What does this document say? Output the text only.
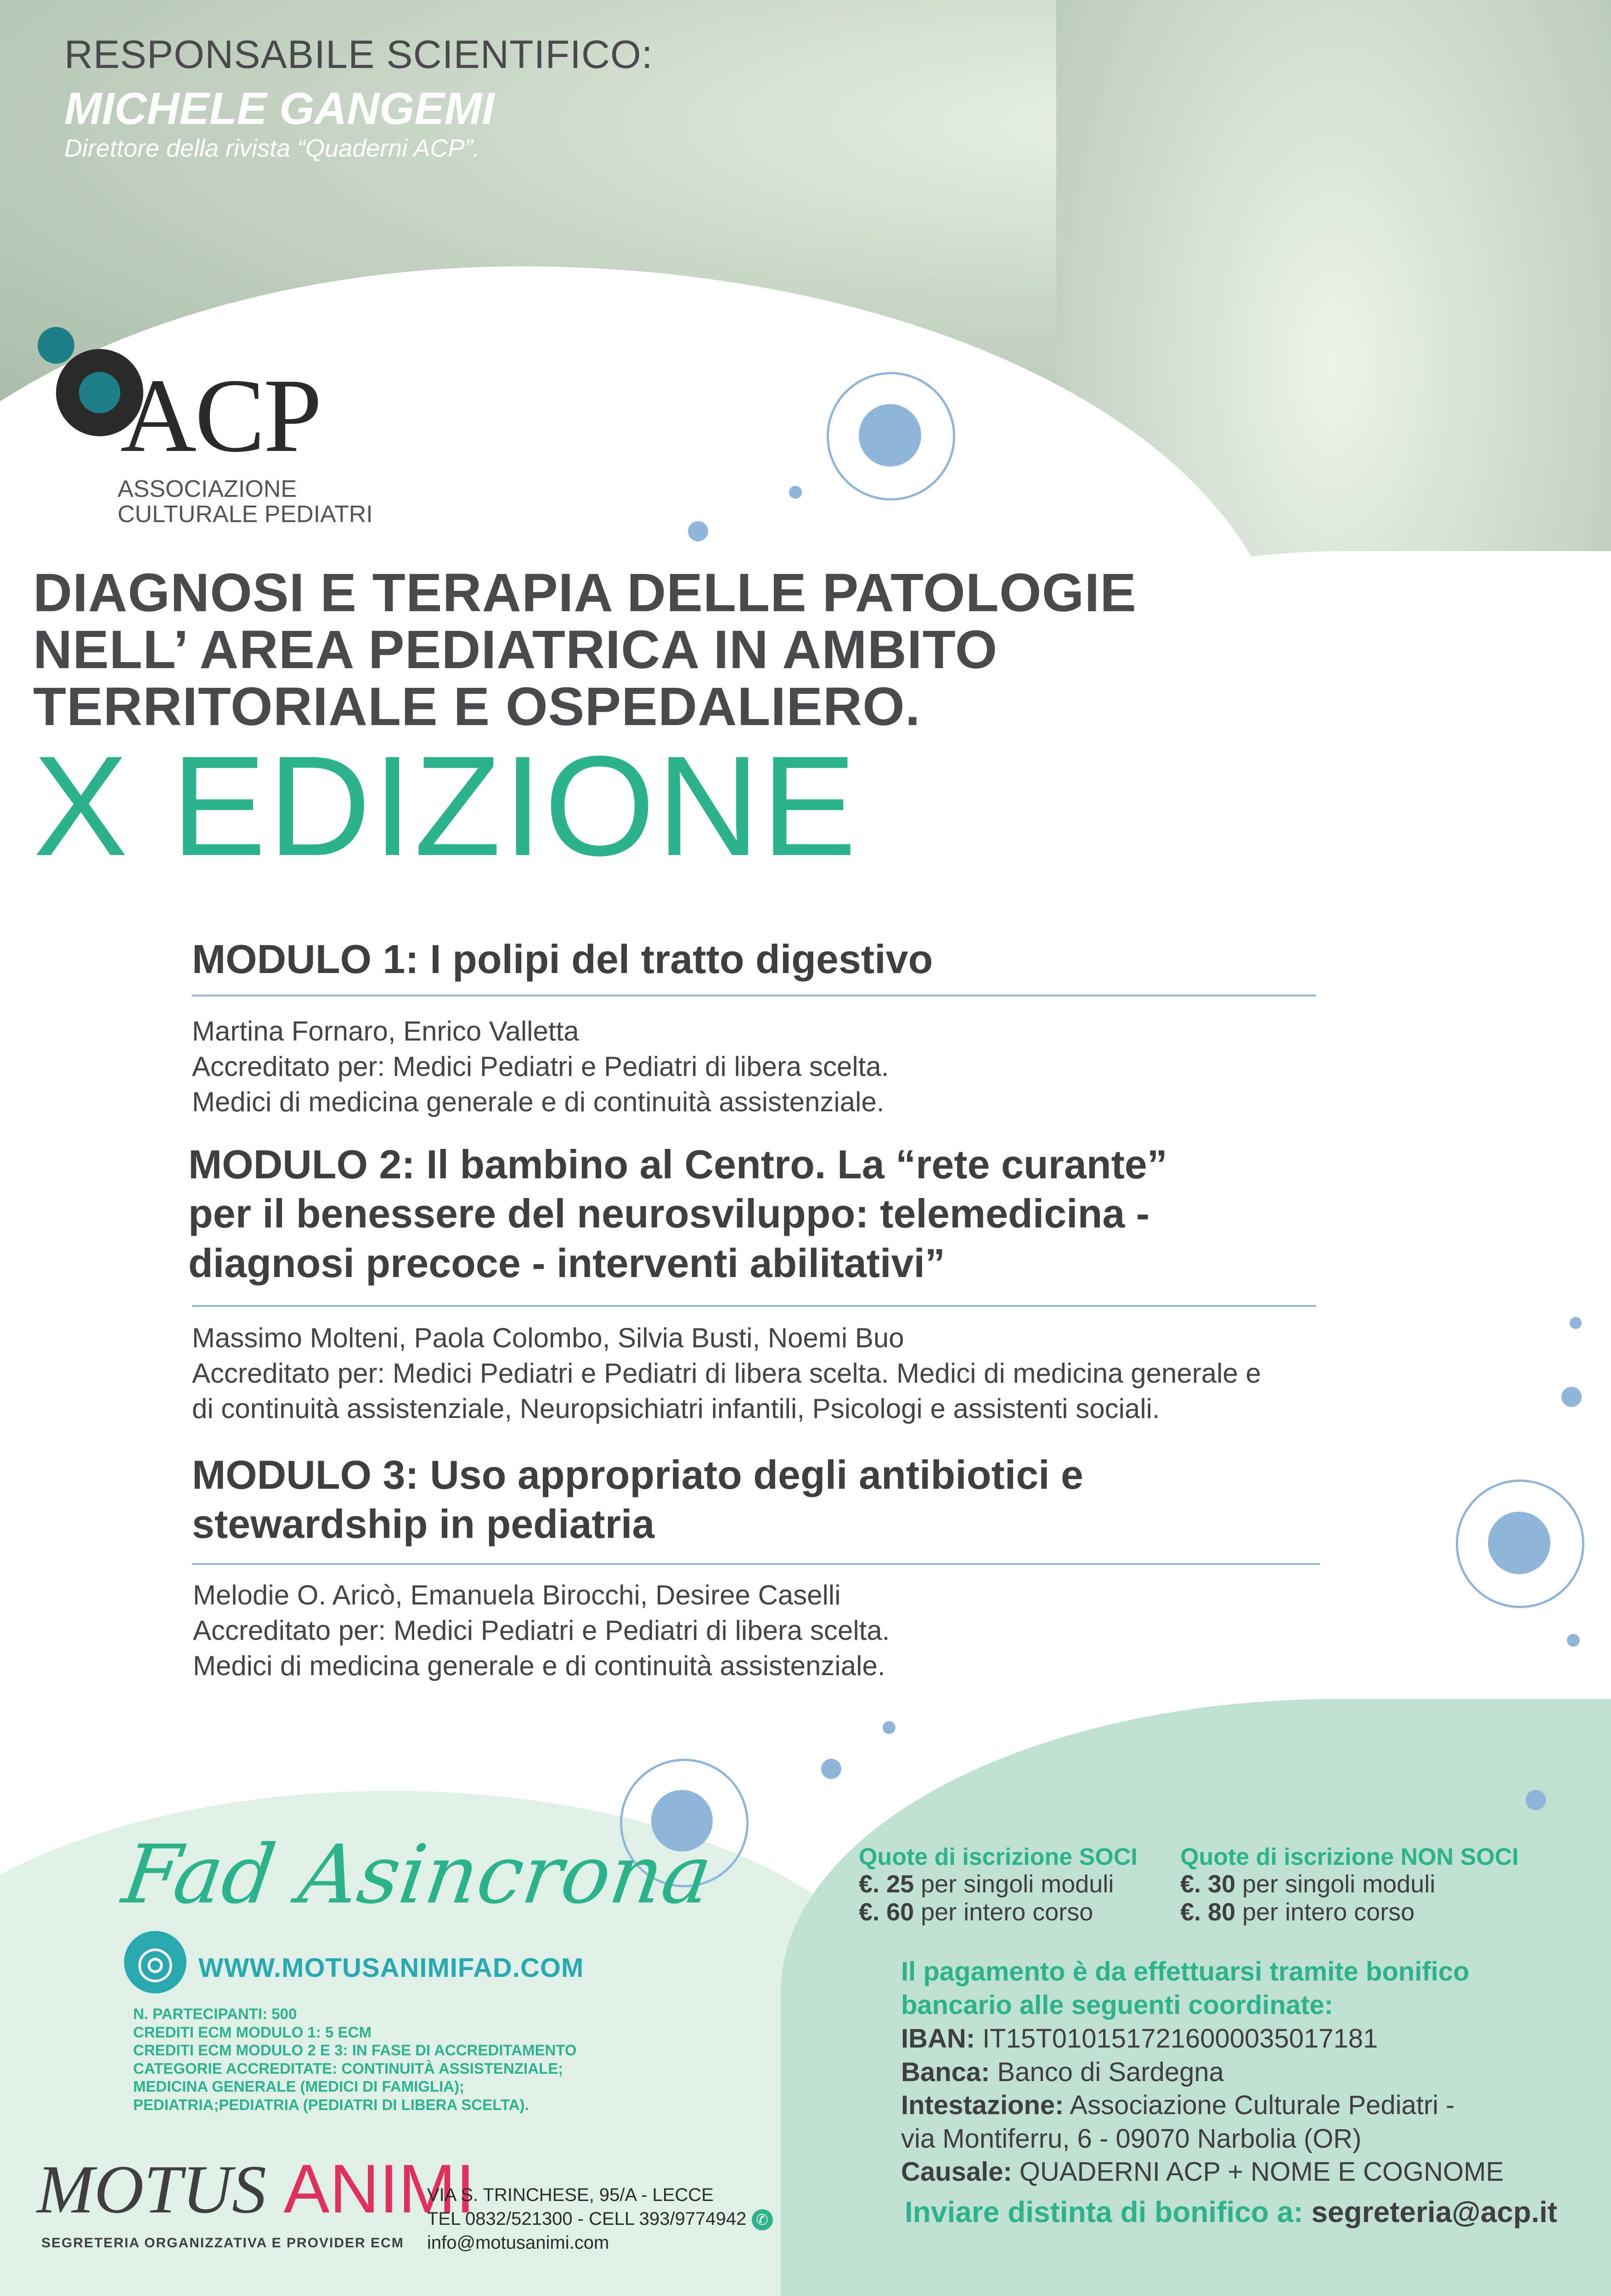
RESPONSABILE SCIENTIFICO:
MICHELE GANGEMI
Direttore della rivista “Quaderni ACP”.
ACP
ASSOCIAZIONE
CULTURALE PEDIATRI
DIAGNOSI E TERAPIA DELLE PATOLOGIE
NELL’ AREA PEDIATRICA IN AMBITO
TERRITORIALE E OSPEDALIERO.
X EDIZIONE
MODULO 1: I polipi del tratto digestivo
Martina Fornaro, Enrico Valletta
Accreditato per: Medici Pediatri e Pediatri di libera scelta.
Medici di medicina generale e di continuità assistenziale.
MODULO 2: Il bambino al Centro. La “rete curante”
per il benessere del neurosviluppo: telemedicina -
diagnosi precoce - interventi abilitativi”
Massimo Molteni, Paola Colombo, Silvia Busti, Noemi Buo
Accreditato per: Medici Pediatri e Pediatri di libera scelta. Medici di medicina generale e
di continuità assistenziale, Neuropsichiatri infantili, Psicologi e assistenti sociali.
MODULO 3: Uso appropriato degli antibiotici e
stewardship in pediatria
Melodie O. Aricò, Emanuela Birocchi, Desiree Caselli
Accreditato per: Medici Pediatri e Pediatri di libera scelta.
Medici di medicina generale e di continuità assistenziale.
Fad Asincrona
◎ WWW.MOTUSANIMIFAD.COM
N. PARTECIPANTI: 500
CREDITI ECM MODULO 1: 5 ECM
CREDITI ECM MODULO 2 E 3: IN FASE DI ACCREDITAMENTO
CATEGORIE ACCREDITATE: CONTINUITÀ ASSISTENZIALE;
MEDICINA GENERALE (MEDICI DI FAMIGLIA);
PEDIATRIA;PEDIATRIA (PEDIATRI DI LIBERA SCELTA).
Quote di iscrizione SOCI
€. 25 per singoli moduli
€. 60 per intero corso
Quote di iscrizione NON SOCI
€. 30 per singoli moduli
€. 80 per intero corso
Il pagamento è da effettuarsi tramite bonifico
bancario alle seguenti coordinate:
IBAN: IT15T0101517216000035017181
Banca: Banco di Sardegna
Intestazione: Associazione Culturale Pediatri -
via Montiferru, 6 - 09070 Narbolia (OR)
Causale: QUADERNI ACP + NOME E COGNOME
Inviare distinta di bonifico a: segreteria@acp.it
MOTUS ANIMI
SEGRETERIA ORGANIZZATIVA E PROVIDER ECM
VIA S. TRINCHESE, 95/A - LECCE
TEL 0832/521300 - CELL 393/9774942 ✆
info@motusanimi.com
